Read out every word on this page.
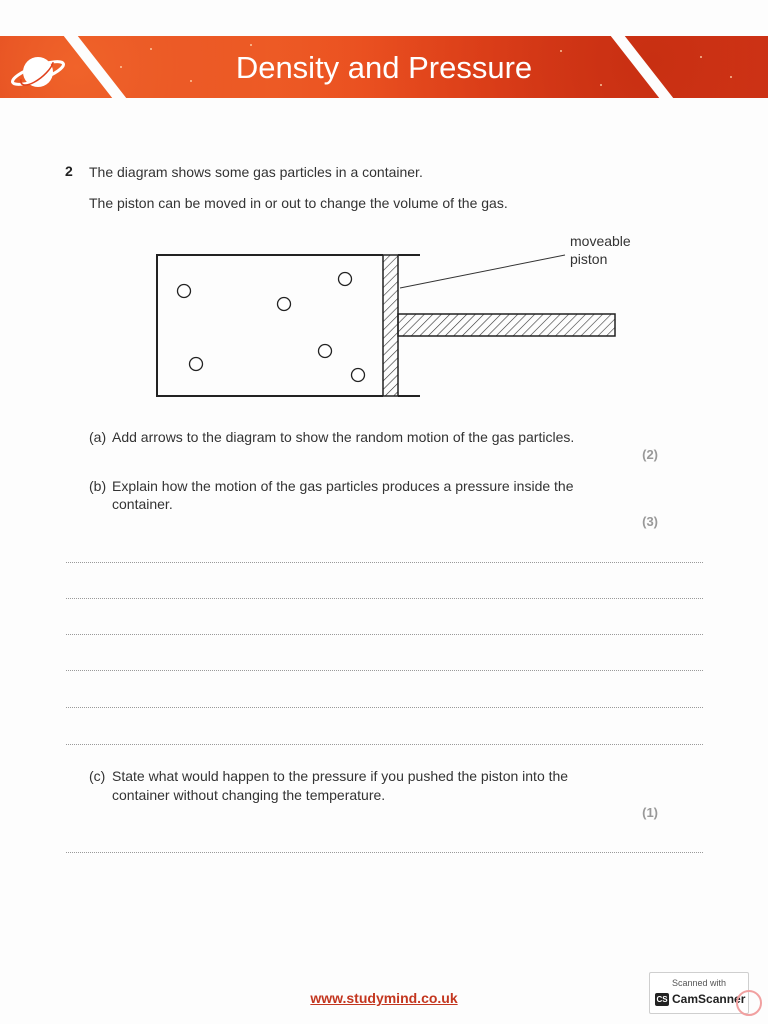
Density and Pressure
2 The diagram shows some gas particles in a container.
The piston can be moved in or out to change the volume of the gas.
moveable
piston
(a) Add arrows to the diagram to show the random motion of the gas particles.
(2)
(b) Explain how the motion of the gas particles produces a pressure inside the
container.
(3)
(c) State what would happen to the pressure if you pushed the piston into the
container without changing the temperature.
(1)
www.studymind.co.uk
Scanned with
CS CamScanner
